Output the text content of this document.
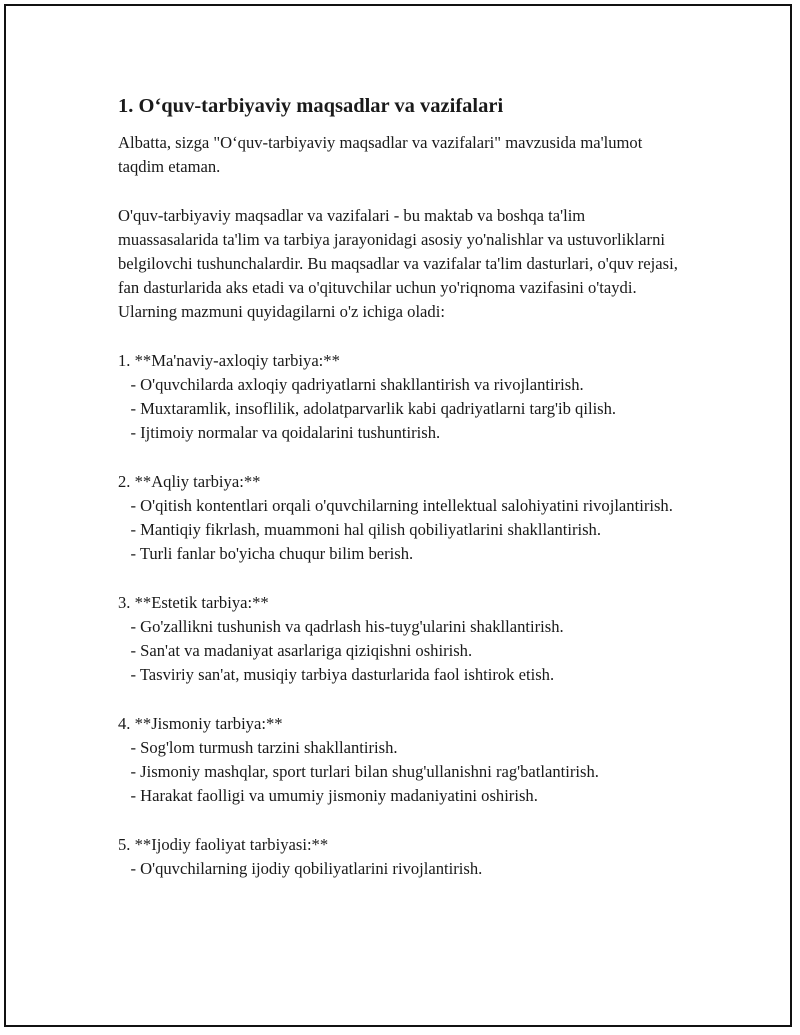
1. O‘quv-tarbiyaviy maqsadlar va vazifalari
Albatta, sizga "O‘quv-tarbiyaviy maqsadlar va vazifalari" mavzusida ma'lumot taqdim etaman.
O'quv-tarbiyaviy maqsadlar va vazifalari - bu maktab va boshqa ta'lim muassasalarida ta'lim va tarbiya jarayonidagi asosiy yo'nalishlar va ustuvorliklarni belgilovchi tushunchalardir. Bu maqsadlar va vazifalar ta'lim dasturlari, o'quv rejasi, fan dasturlarida aks etadi va o'qituvchilar uchun yo'riqnoma vazifasini o'taydi. Ularning mazmuni quyidagilarni o'z ichiga oladi:
1. **Ma'naviy-axloqiy tarbiya:**
- O'quvchilarda axloqiy qadriyatlarni shakllantirish va rivojlantirish.
- Muxtaramlik, insoflilik, adolatparvarlik kabi qadriyatlarni targ'ib qilish.
- Ijtimoiy normalar va qoidalarini tushuntirish.
2. **Aqliy tarbiya:**
- O'qitish kontentlari orqali o'quvchilarning intellektual salohiyatini rivojlantirish.
- Mantiqiy fikrlash, muammoni hal qilish qobiliyatlarini shakllantirish.
- Turli fanlar bo'yicha chuqur bilim berish.
3. **Estetik tarbiya:**
- Go'zallikni tushunish va qadrlash his-tuyg'ularini shakllantirish.
- San'at va madaniyat asarlariga qiziqishni oshirish.
- Tasviriy san'at, musiqiy tarbiya dasturlarida faol ishtirok etish.
4. **Jismoniy tarbiya:**
- Sog'lom turmush tarzini shakllantirish.
- Jismoniy mashqlar, sport turlari bilan shug'ullanishni rag'batlantirish.
- Harakat faolligi va umumiy jismoniy madaniyatini oshirish.
5. **Ijodiy faoliyat tarbiyasi:**
- O'quvchilarning ijodiy qobiliyatlarini rivojlantirish.
